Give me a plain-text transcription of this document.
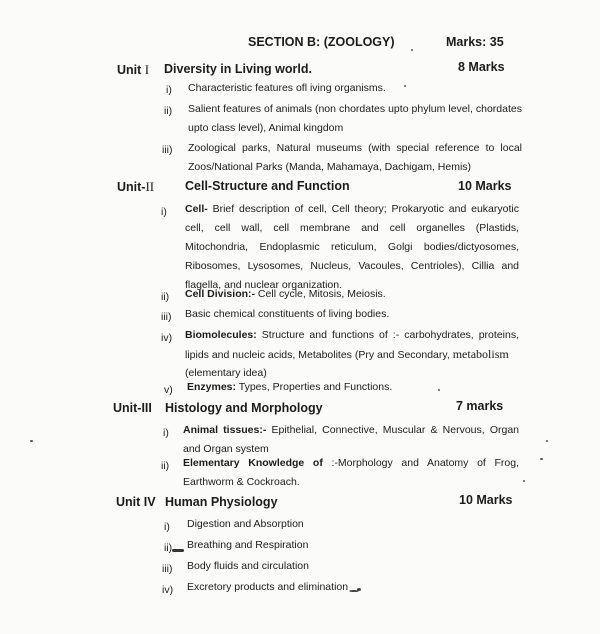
SECTION B: (ZOOLOGY)	Marks: 35
Unit I Diversity in Living world.	8 Marks
i) Characteristic features ofl iving organisms.
ii) Salient features of animals (non chordates upto phylum level, chordates upto class level), Animal kingdom
iii) Zoological parks, Natural museums (with special reference to local Zoos/National Parks (Manda, Mahamaya, Dachigam, Hemis)
Unit-II Cell-Structure and Function	10 Marks
i) Cell- Brief description of cell, Cell theory; Prokaryotic and eukaryotic cell, cell wall, cell membrane and cell organelles (Plastids, Mitochondria, Endoplasmic reticulum, Golgi bodies/dictyosomes, Ribosomes, Lysosomes, Nucleus, Vacoules, Centrioles), Cillia and flagella, and nuclear organization.
ii) Cell Division:- Cell cycle, Mitosis, Meiosis.
iii) Basic chemical constituents of living bodies.
iv) Biomolecules: Structure and functions of :- carbohydrates, proteins, lipids and nucleic acids, Metabolites (Pry and Secondary, metabolism
(elementary idea)
v) Enzymes: Types, Properties and Functions.
Unit-III Histology and Morphology	7 marks
i) Animal tissues:- Epithelial, Connective, Muscular & Nervous, Organ and Organ system
ii) Elementary Knowledge of :-Morphology and Anatomy of Frog, Earthworm & Cockroach.
Unit IV Human Physiology	10 Marks
i) Digestion and Absorption
ii) Breathing and Respiration
iii) Body fluids and circulation
iv) Excretory products and elimination
